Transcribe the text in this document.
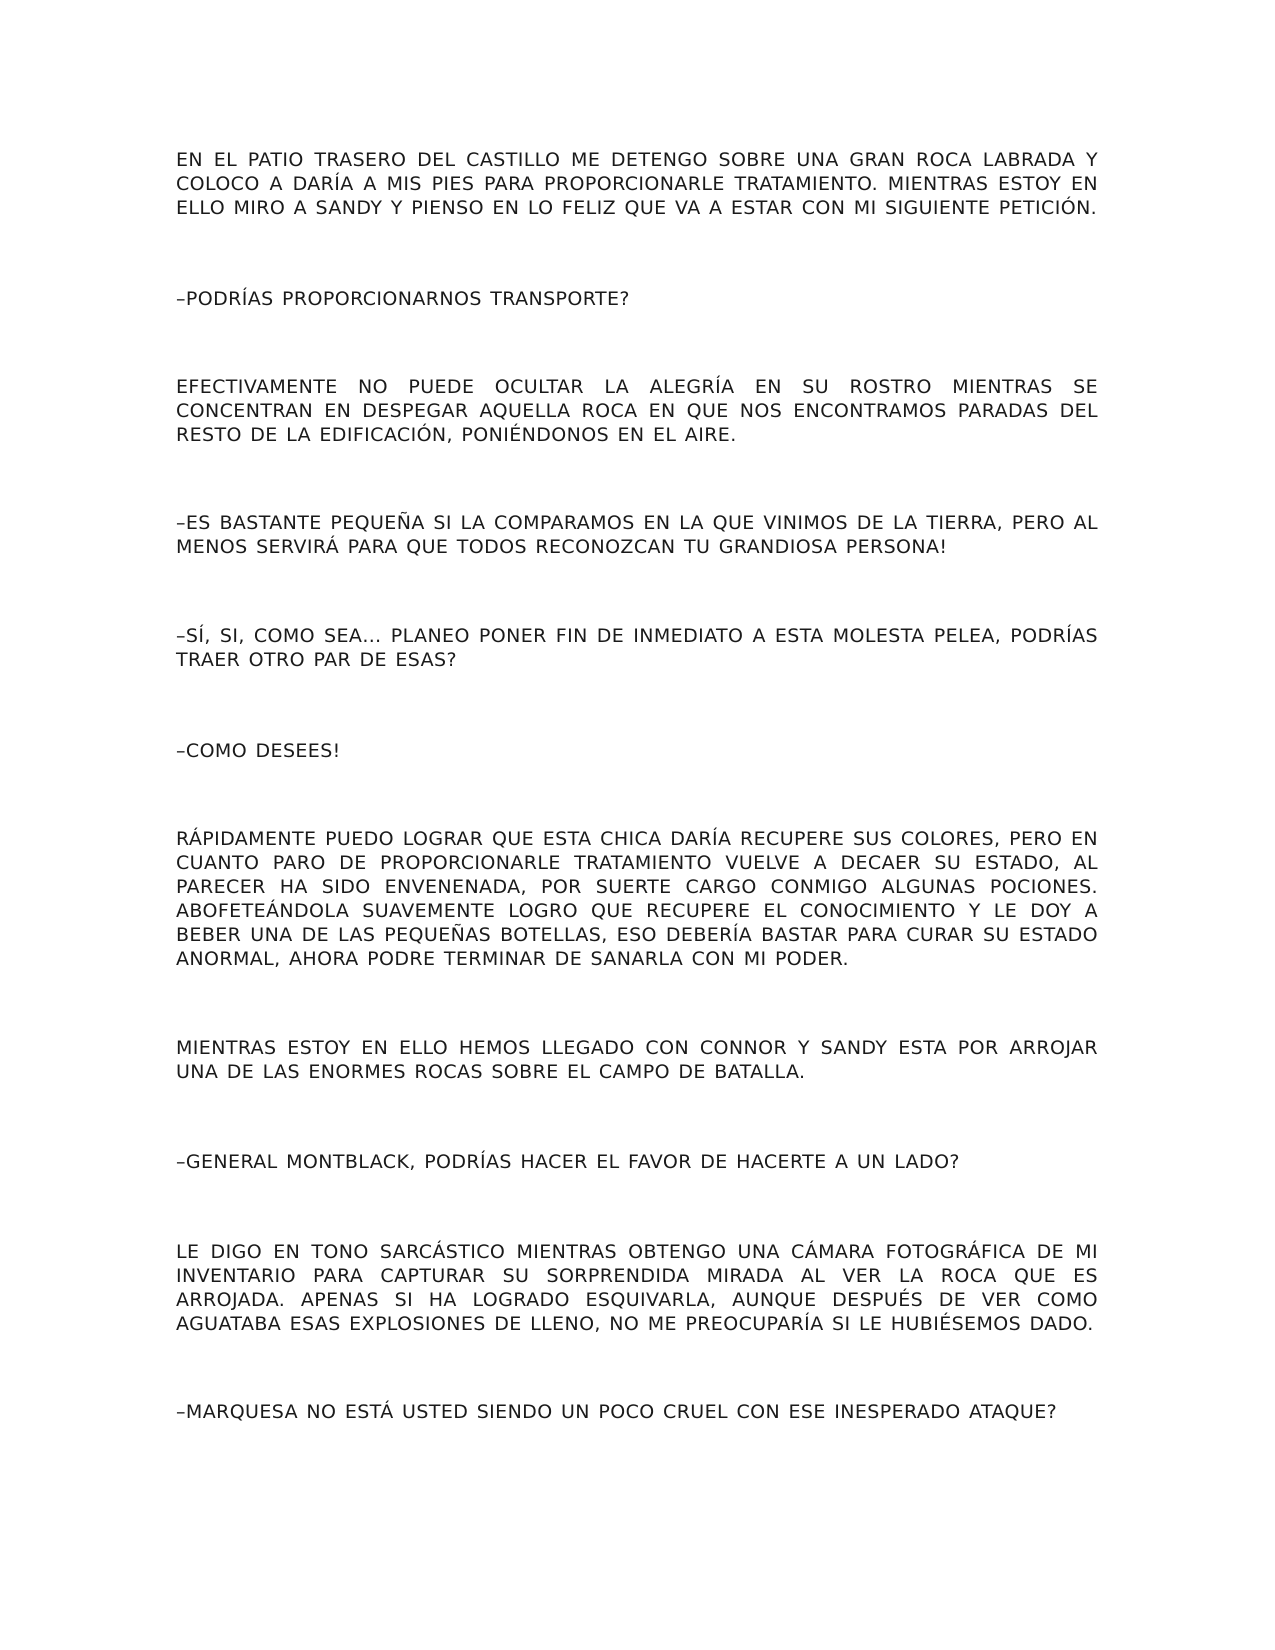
EN EL PATIO TRASERO DEL CASTILLO ME DETENGO SOBRE UNA GRAN ROCA LABRADA Y COLOCO A DARÍA A MIS PIES PARA PROPORCIONARLE TRATAMIENTO. MIENTRAS ESTOY EN ELLO MIRO A SANDY Y PIENSO EN LO FELIZ QUE VA A ESTAR CON MI SIGUIENTE PETICIÓN.

–PODRÍAS PROPORCIONARNOS TRANSPORTE?

EFECTIVAMENTE NO PUEDE OCULTAR LA ALEGRÍA EN SU ROSTRO MIENTRAS SE CONCENTRAN EN DESPEGAR AQUELLA ROCA EN QUE NOS ENCONTRAMOS PARADAS DEL RESTO DE LA EDIFICACIÓN, PONIÉNDONOS EN EL AIRE.

–ES BASTANTE PEQUEÑA SI LA COMPARAMOS EN LA QUE VINIMOS DE LA TIERRA, PERO AL MENOS SERVIRÁ PARA QUE TODOS RECONOZCAN TU GRANDIOSA PERSONA!

–SÍ, SI, COMO SEA… PLANEO PONER FIN DE INMEDIATO A ESTA MOLESTA PELEA, PODRÍAS TRAER OTRO PAR DE ESAS?

–COMO DESEES!

RÁPIDAMENTE PUEDO LOGRAR QUE ESTA CHICA DARÍA RECUPERE SUS COLORES, PERO EN CUANTO PARO DE PROPORCIONARLE TRATAMIENTO VUELVE A DECAER SU ESTADO, AL PARECER HA SIDO ENVENENADA, POR SUERTE CARGO CONMIGO ALGUNAS POCIONES. ABOFETEÁNDOLA SUAVEMENTE LOGRO QUE RECUPERE EL CONOCIMIENTO Y LE DOY A BEBER UNA DE LAS PEQUEÑAS BOTELLAS, ESO DEBERÍA BASTAR PARA CURAR SU ESTADO ANORMAL, AHORA PODRE TERMINAR DE SANARLA CON MI PODER.

MIENTRAS ESTOY EN ELLO HEMOS LLEGADO CON CONNOR Y SANDY ESTA POR ARROJAR UNA DE LAS ENORMES ROCAS SOBRE EL CAMPO DE BATALLA.

–GENERAL MONTBLACK, PODRÍAS HACER EL FAVOR DE HACERTE A UN LADO?

LE DIGO EN TONO SARCÁSTICO MIENTRAS OBTENGO UNA CÁMARA FOTOGRÁFICA DE MI INVENTARIO PARA CAPTURAR SU SORPRENDIDA MIRADA AL VER LA ROCA QUE ES ARROJADA. APENAS SI HA LOGRADO ESQUIVARLA, AUNQUE DESPUÉS DE VER COMO AGUATABA ESAS EXPLOSIONES DE LLENO, NO ME PREOCUPARÍA SI LE HUBIÉSEMOS DADO.

–MARQUESA NO ESTÁ USTED SIENDO UN POCO CRUEL CON ESE INESPERADO ATAQUE?
